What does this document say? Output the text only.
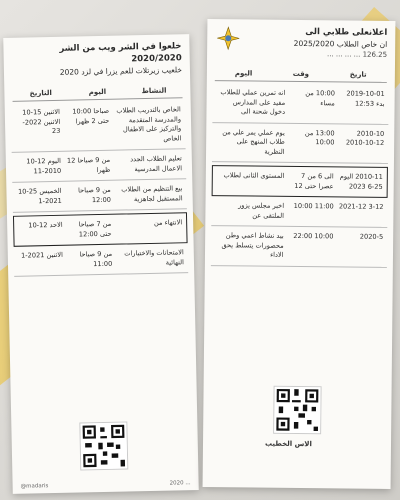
خلعوا في الشر ويب من الشر 2020/2020
خلعيب زيرتلات للعم يزرا في لزد 2020
النشاط
اليوم
التاريخ
الخاص بالتدريب الطلاب والمدرسة المتقدمة والتركيز على الاطفال الخاص
صباحا 10:00 حتى 2 ظهرا
الاثنين 15-10 الاثنين 2022-23
تعليم الطلاب الجدد الاعمال المدرسية
من 9 صباحا 12 ظهرا
اليوم 12-10 2010-11
بيع التنظيم من الطلاب المستقبل لجاهزية
من 9 صباحا 12:00
الخميس 25-10 2021-1
الانتهاء من
من 7 صباحا حتى 12:00
الاحد 12-10
الامتحانات والاختبارات النهائية
من 9 صباحا 11:00
الاثنين 2021-1
@madaris	2020 ...
اعلانعلى طلابي الى
ان خاص الطلاب 2025/2020
126.25 ... ... ... ...
تاريخ
وقت
اليوم
2019-10-01 بدء 12:53
10:00 من مساء
انه تمرين عملي للطلاب مفيد على المدارس دخول شحنة الى
2010-10 2010-10-12
13:00 من 10:00
يوم عملي يمر علي من طلاب المنهج على النظرية
2010-11 اليوم 25-6 2023
الى 6 من 7 عصرا حتى 12
المستوى الثانى لطلاب
3-12 2021-12
11:00 10:00
اخبر مجلس يزور الملتقى عن
2020-5
10:00 22:00
بيد نشاط اعمي وطن محصورات يتسلط يحق الاداء
الاس الخطيب
